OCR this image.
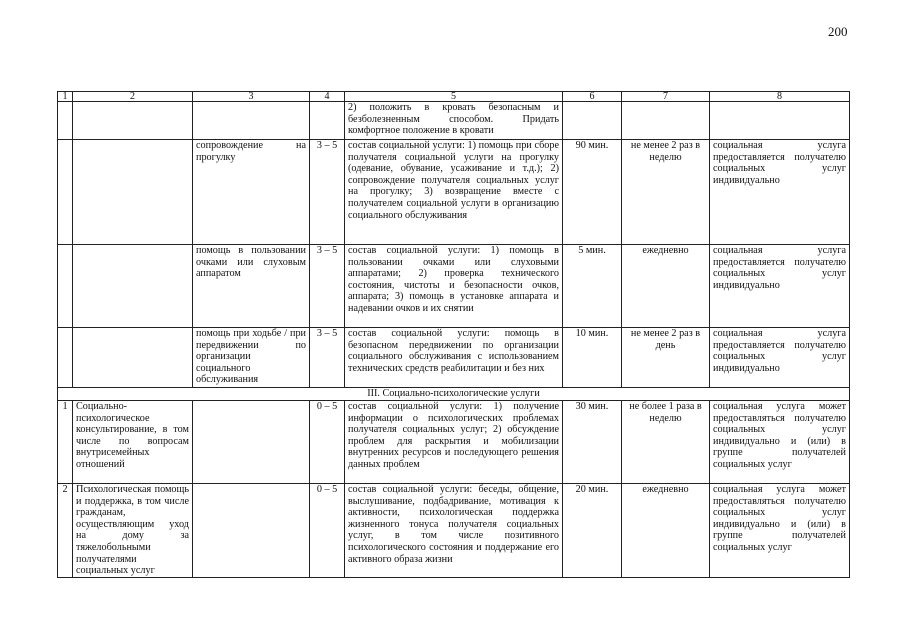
200
1	2	3	4	5	6	7	8
				2) положить в кровать безопасным и безболезненным способом. Придать комфортное положение в кровати			
		сопровождение на прогулку	3 – 5	состав социальной услуги: 1) помощь при сборе получателя социальной услуги на прогулку (одевание, обувание, усаживание и т.д.); 2) сопровождение получателя социальных услуг на прогулку; 3) возвращение вместе с получателем социальной услуги в организацию социального обслуживания	90 мин.	не менее 2 раз в неделю	социальная услуга предоставляется получателю социальных услуг индивидуально
		помощь в пользовании очками или слуховым аппаратом	3 – 5	состав социальной услуги: 1) помощь в пользовании очками или слуховыми аппаратами; 2) проверка технического состояния, чистоты и безопасности очков, аппарата; 3) помощь в установке аппарата и надевании очков и их снятии	5 мин.	ежедневно	социальная услуга предоставляется получателю социальных услуг индивидуально
		помощь при ходьбе / при передвижении по организации социального обслуживания	3 – 5	состав социальной услуги: помощь в безопасном передвижении по организации социального обслуживания с использованием технических средств реабилитации и без них	10 мин.	не менее 2 раз в день	социальная услуга предоставляется получателю социальных услуг индивидуально
III. Социально-психологические услуги							
1	Социально-психологическое консультирование, в том числе по вопросам внутрисемейных отношений		0 – 5	состав социальной услуги: 1) получение информации о психологических проблемах получателя социальных услуг; 2) обсуждение проблем для раскрытия и мобилизации внутренних ресурсов и последующего решения данных проблем	30 мин.	не более 1 раза в неделю	социальная услуга может предоставляться получателю социальных услуг индивидуально и (или) в группе получателей социальных услуг
2	Психологическая помощь и поддержка, в том числе гражданам, осуществляющим уход на дому за тяжелобольными получателями социальных услуг		0 – 5	состав социальной услуги: беседы, общение, выслушивание, подбадривание, мотивация к активности, психологическая поддержка жизненного тонуса получателя социальных услуг, в том числе позитивного психологического состояния и поддержание его активного образа жизни	20 мин.	ежедневно	социальная услуга может предоставляться получателю социальных услуг индивидуально и (или) в группе получателей социальных услуг
